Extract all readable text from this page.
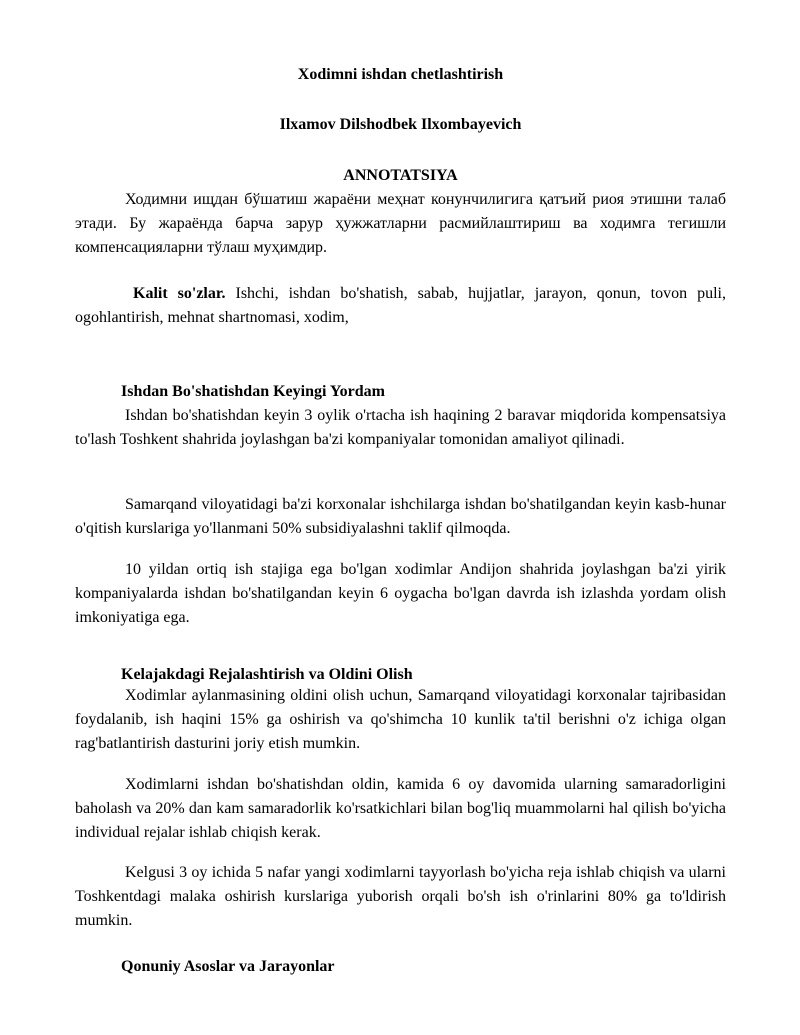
Xodimni ishdan chetlashtirish

Ilxamov Dilshodbek Ilxombayevich

ANNOTATSIYA

Ходимни ищдан бўшатиш жараёни меҳнат конунчилигига қатъий риоя этишни талаб этади. Бу жараёнда барча зарур ҳужжатларни расмийлаштириш ва ходимга тегишли компенсацияларни тўлаш муҳимдир.

Kalit so'zlar. Ishchi, ishdan bo'shatish, sabab, hujjatlar, jarayon, qonun, tovon puli, ogohlantirish, mehnat shartnomasi, xodim,

Ishdan Bo'shatishdan Keyingi Yordam

Ishdan bo'shatishdan keyin 3 oylik o'rtacha ish haqining 2 baravar miqdorida kompensatsiya to'lash Toshkent shahrida joylashgan ba'zi kompaniyalar tomonidan amaliyot qilinadi.

Samarqand viloyatidagi ba'zi korxonalar ishchilarga ishdan bo'shatilgandan keyin kasb-hunar o'qitish kurslariga yo'llanmani 50% subsidiyalashni taklif qilmoqda.

10 yildan ortiq ish stajiga ega bo'lgan xodimlar Andijon shahrida joylashgan ba'zi yirik kompaniyalarda ishdan bo'shatilgandan keyin 6 oygacha bo'lgan davrda ish izlashda yordam olish imkoniyatiga ega.

Kelajakdagi Rejalashtirish va Oldini Olish

Xodimlar aylanmasining oldini olish uchun, Samarqand viloyatidagi korxonalar tajribasidan foydalanib, ish haqini 15% ga oshirish va qo'shimcha 10 kunlik ta'til berishni o'z ichiga olgan rag'batlantirish dasturini joriy etish mumkin.

Xodimlarni ishdan bo'shatishdan oldin, kamida 6 oy davomida ularning samaradorligini baholash va 20% dan kam samaradorlik ko'rsatkichlari bilan bog'liq muammolarni hal qilish bo'yicha individual rejalar ishlab chiqish kerak.

Kelgusi 3 oy ichida 5 nafar yangi xodimlarni tayyorlash bo'yicha reja ishlab chiqish va ularni Toshkentdagi malaka oshirish kurslariga yuborish orqali bo'sh ish o'rinlarini 80% ga to'ldirish mumkin.

Qonuniy Asoslar va Jarayonlar
